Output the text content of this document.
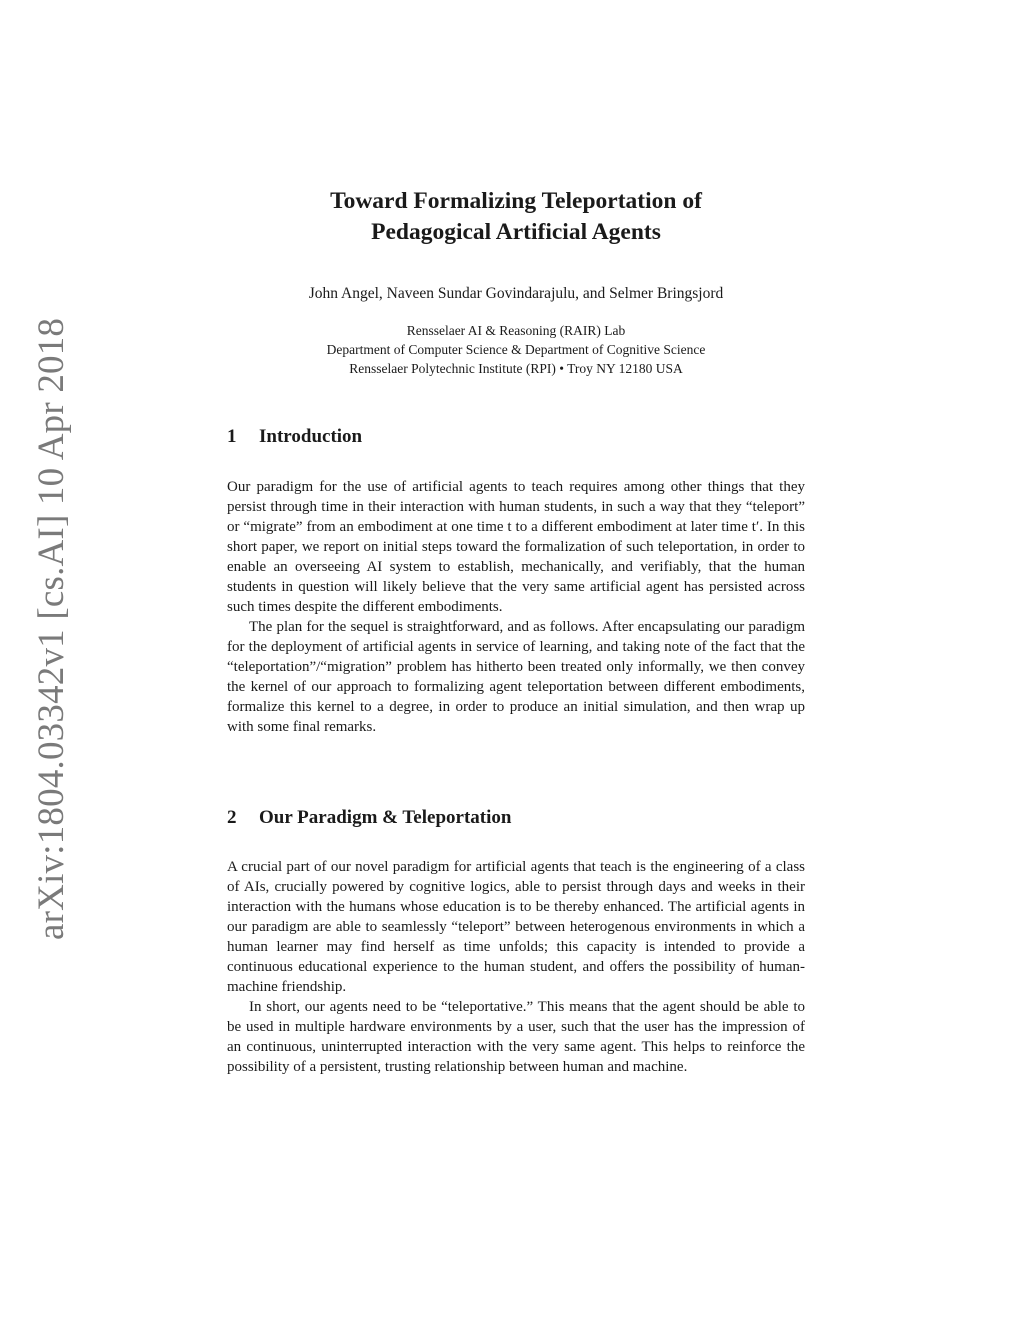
arXiv:1804.03342v1 [cs.AI] 10 Apr 2018
Toward Formalizing Teleportation of
Pedagogical Artificial Agents

John Angel, Naveen Sundar Govindarajulu, and Selmer Bringsjord

Rensselaer AI & Reasoning (RAIR) Lab
Department of Computer Science & Department of Cognitive Science
Rensselaer Polytechnic Institute (RPI) • Troy NY 12180 USA
1 Introduction

Our paradigm for the use of artificial agents to teach requires among other things that they persist through time in their interaction with human students, in such a way that they “teleport” or “migrate” from an embodiment at one time t to a different embodiment at later time t′. In this short paper, we report on initial steps toward the formalization of such teleportation, in order to enable an overseeing AI system to establish, mechanically, and verifiably, that the human students in question will likely believe that the very same artificial agent has persisted across such times despite the different embodiments.

The plan for the sequel is straightforward, and as follows. After encapsulating our paradigm for the deployment of artificial agents in service of learning, and taking note of the fact that the “teleportation”/“migration” problem has hitherto been treated only informally, we then convey the kernel of our approach to formalizing agent teleportation between different embodiments, formalize this kernel to a degree, in order to produce an initial simulation, and then wrap up with some final remarks.

2 Our Paradigm & Teleportation

A crucial part of our novel paradigm for artificial agents that teach is the engineering of a class of AIs, crucially powered by cognitive logics, able to persist through days and weeks in their interaction with the humans whose education is to be thereby enhanced. The artificial agents in our paradigm are able to seamlessly “teleport” between heterogenous environments in which a human learner may find herself as time unfolds; this capacity is intended to provide a continuous educational experience to the human student, and offers the possibility of human-machine friendship.

In short, our agents need to be “teleportative.” This means that the agent should be able to be used in multiple hardware environments by a user, such that the user has the impression of an continuous, uninterrupted interaction with the very same agent. This helps to reinforce the possibility of a persistent, trusting relationship between human and machine.
